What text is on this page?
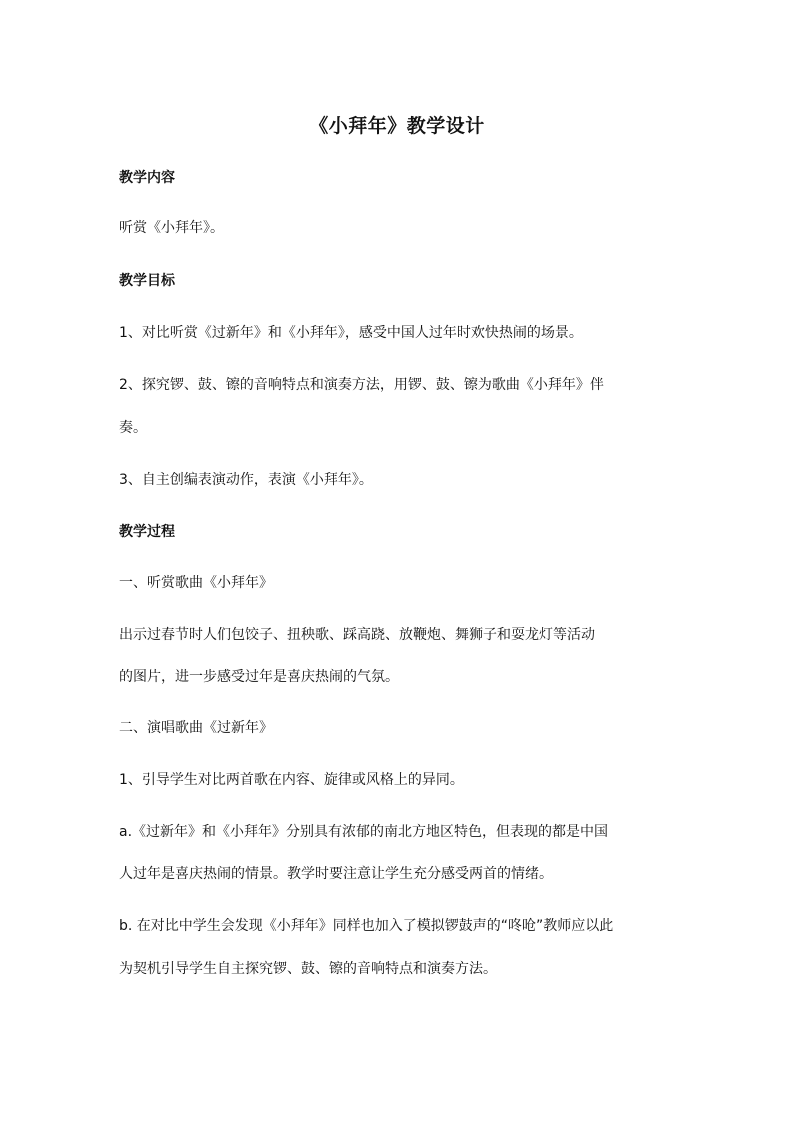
《小拜年》教学设计
教学内容
听赏《小拜年》。
教学目标
1、对比听赏《过新年》和《小拜年》，感受中国人过年时欢快热闹的场景。
2、探究锣、鼓、镲的音响特点和演奏方法，用锣、鼓、镲为歌曲《小拜年》伴
奏。
3、自主创编表演动作，表演《小拜年》。
教学过程
一、听赏歌曲《小拜年》
出示过春节时人们包饺子、扭秧歌、踩高跷、放鞭炮、舞狮子和耍龙灯等活动
的图片，进一步感受过年是喜庆热闹的气氛。
二、演唱歌曲《过新年》
1、引导学生对比两首歌在内容、旋律或风格上的异同。
a.《过新年》和《小拜年》分别具有浓郁的南北方地区特色，但表现的都是中国
人过年是喜庆热闹的情景。教学时要注意让学生充分感受两首的情绪。
b. 在对比中学生会发现《小拜年》同样也加入了模拟锣鼓声的“咚呛”教师应以此
为契机引导学生自主探究锣、鼓、镲的音响特点和演奏方法。
